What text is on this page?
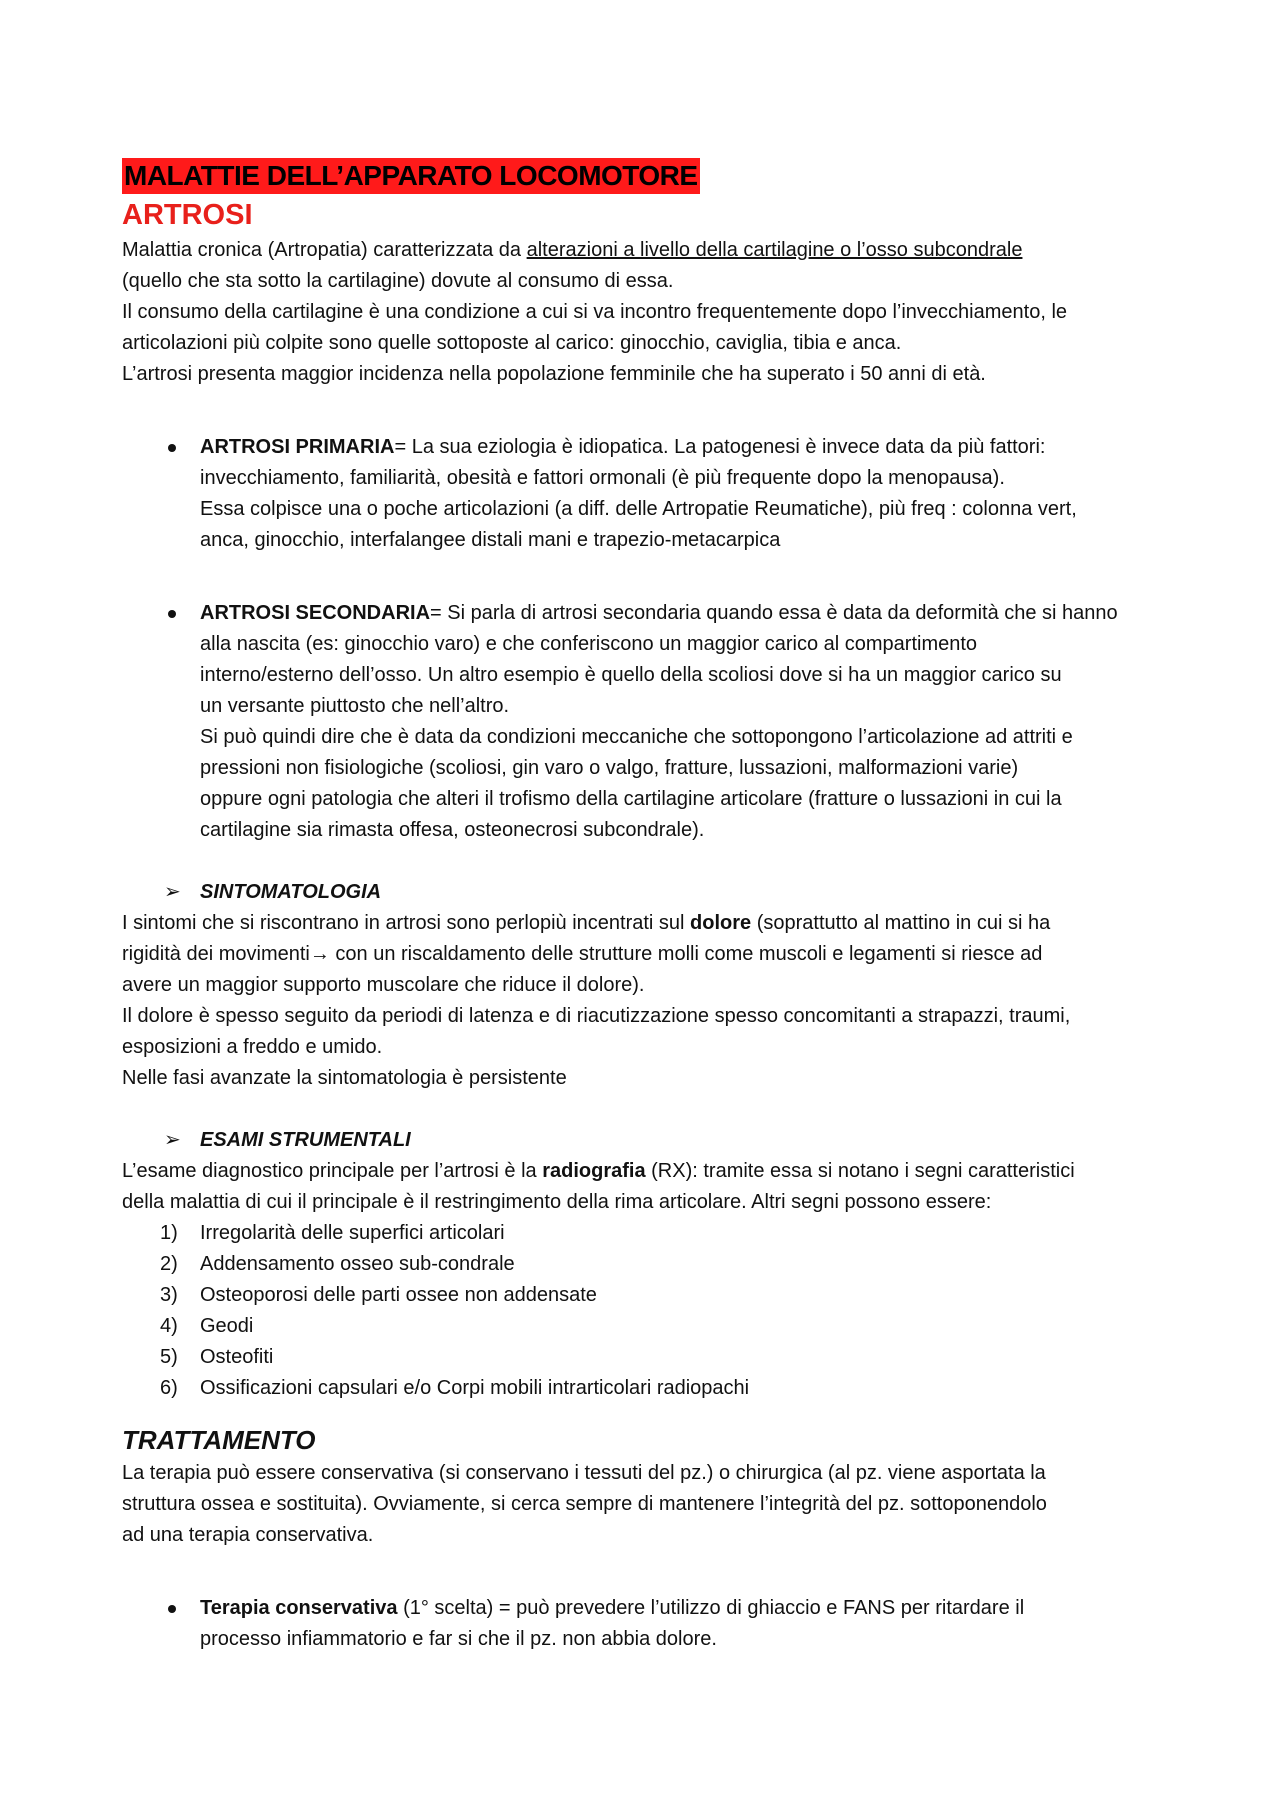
MALATTIE DELL’APPARATO LOCOMOTORE
ARTROSI

Malattia cronica (Artropatia) caratterizzata da alterazioni a livello della cartilagine o l’osso subcondrale

(quello che sta sotto la cartilagine) dovute al consumo di essa.

Il consumo della cartilagine è una condizione a cui si va incontro frequentemente dopo l’invecchiamento, le

articolazioni più colpite sono quelle sottoposte al carico: ginocchio, caviglia, tibia e anca.

L’artrosi presenta maggior incidenza nella popolazione femminile che ha superato i 50 anni di età.

ARTROSI PRIMARIA= La sua eziologia è idiopatica. La patogenesi è invece data da più fattori:

invecchiamento, familiarità, obesità e fattori ormonali (è più frequente dopo la menopausa).

Essa colpisce una o poche articolazioni (a diff. delle Artropatie Reumatiche), più freq : colonna vert,

anca, ginocchio, interfalangee distali mani e trapezio-metacarpica

ARTROSI SECONDARIA= Si parla di artrosi secondaria quando essa è data da deformità che si hanno

alla nascita (es: ginocchio varo) e che conferiscono un maggior carico al compartimento

interno/esterno dell’osso. Un altro esempio è quello della scoliosi dove si ha un maggior carico su

un versante piuttosto che nell’altro.

Si può quindi dire che è data da condizioni meccaniche che sottopongono l’articolazione ad attriti e

pressioni non fisiologiche (scoliosi, gin varo o valgo, fratture, lussazioni, malformazioni varie)

oppure ogni patologia che alteri il trofismo della cartilagine articolare (fratture o lussazioni in cui la

cartilagine sia rimasta offesa, osteonecrosi subcondrale).

➢ SINTOMATOLOGIA

I sintomi che si riscontrano in artrosi sono perlopiù incentrati sul dolore (soprattutto al mattino in cui si ha

rigidità dei movimenti→ con un riscaldamento delle strutture molli come muscoli e legamenti si riesce ad

avere un maggior supporto muscolare che riduce il dolore).

Il dolore è spesso seguito da periodi di latenza e di riacutizzazione spesso concomitanti a strapazzi, traumi,

esposizioni a freddo e umido.

Nelle fasi avanzate la sintomatologia è persistente

➢ ESAMI STRUMENTALI

L’esame diagnostico principale per l’artrosi è la radiografia (RX): tramite essa si notano i segni caratteristici

della malattia di cui il principale è il restringimento della rima articolare. Altri segni possono essere:

1) Irregolarità delle superfici articolari
2) Addensamento osseo sub-condrale
3) Osteoporosi delle parti ossee non addensate
4) Geodi
5) Osteofiti
6) Ossificazioni capsulari e/o Corpi mobili intrarticolari radiopachi
TRATTAMENTO

La terapia può essere conservativa (si conservano i tessuti del pz.) o chirurgica (al pz. viene asportata la

struttura ossea e sostituita). Ovviamente, si cerca sempre di mantenere l’integrità del pz. sottoponendolo

ad una terapia conservativa.

Terapia conservativa (1° scelta) = può prevedere l’utilizzo di ghiaccio e FANS per ritardare il

processo infiammatorio e far si che il pz. non abbia dolore.
